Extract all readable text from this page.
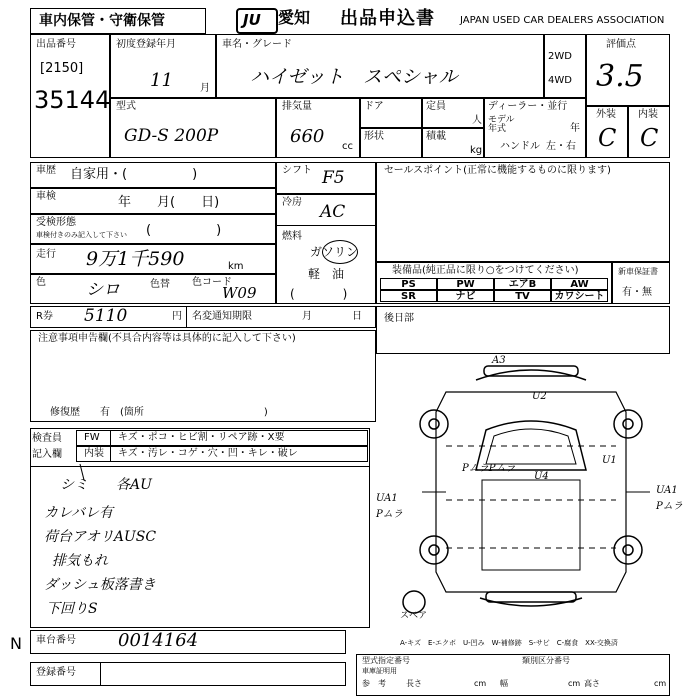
車内保管・守衛保管	JU 愛知 出品申込書	JAPAN USED CAR DEALERS ASSOCIATION
出品番号
[2150]
35144
初度登録年月
11	月
車名・グレード
ハイゼット　スペシャル
2WD
4WD
評価点
3.5
外装 内装
C C
型式
GD-S 200P
排気量
660 cc
ドア	定員
人
形状	積載
kg
ディーラー・並行
モデル
年式	年
ハンドル 左・右
車歴 自家用・(　　　　　)
車検	年　　月(　　日)
受検形態
車検付きのみ記入して下さい (　　　　　)
走行 9万1千590	km
色 シロ	色替 色コード
W09
シフト F5
冷房 AC
燃料
ガソリン
軽　油
(　　　　)
セールスポイント(正常に機能するものに限ります)
装備品(純正品に限り○をつけてください)
PS	PW	エアB	AW
SR	ナビ	TV	カワシート
新車保証書
有・無
R券 5110	円 名変通知期限	月	日
注意事項申告欄(不具合内容等は具体的に記入して下さい)
修復歴　　有　(箇所　　　　　　　　　　　　)
後日部
検査員
記入欄
FW キズ・ポコ・ヒビ割・リペア跡・X要
内装 キズ・汚レ・コゲ・穴・凹・キレ・破レ
シミ　　各AU
カレバレ有
荷台アオリAUSC
排気もれ
ダッシュ板落書き
下回りS
A3
U2
U1
U4
PムラPムラ
UA1
Pムラ
UA1
Pムラ
スペア
A-キズ　E-エクボ　U-凹み　W-補修跡　S-サビ　C-腐食　XX-交換済
N 車台番号 0014164
登録番号
型式指定番号	類別区分番号
参　考
車庫証明用
長さ	幅	高さ
cm	cm	cm
